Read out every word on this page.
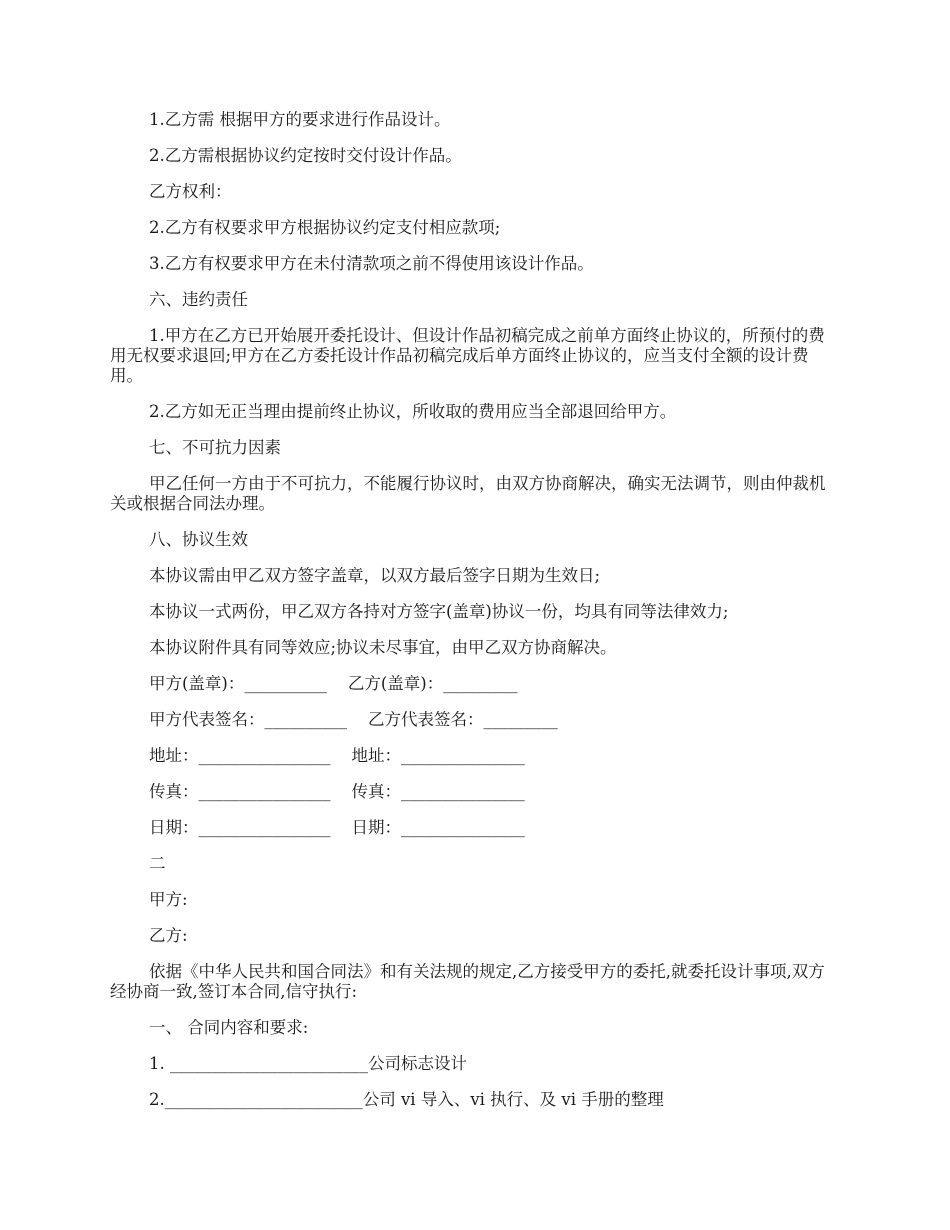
1.乙方需 根据甲方的要求进行作品设计。

2.乙方需根据协议约定按时交付设计作品。

乙方权利：

2.乙方有权要求甲方根据协议约定支付相应款项;

3.乙方有权要求甲方在未付清款项之前不得使用该设计作品。

六、违约责任

1.甲方在乙方已开始展开委托设计、但设计作品初稿完成之前单方面终止协议的，所预付的费用无权要求退回;甲方在乙方委托设计作品初稿完成后单方面终止协议的，应当支付全额的设计费用。

2.乙方如无正当理由提前终止协议，所收取的费用应当全部退回给甲方。

七、不可抗力因素

甲乙任何一方由于不可抗力，不能履行协议时，由双方协商解决，确实无法调节，则由仲裁机关或根据合同法办理。

八、协议生效

本协议需由甲乙双方签字盖章，以双方最后签字日期为生效日;

本协议一式两份，甲乙双方各持对方签字(盖章)协议一份，均具有同等法律效力;

本协议附件具有同等效应;协议未尽事宜，由甲乙双方协商解决。

甲方(盖章)：__________    乙方(盖章)：_________

甲方代表签名：__________    乙方代表签名：_________

地址：________________    地址：_______________

传真：________________    传真：_______________

日期：________________    日期：_______________

二

甲方:

乙方:

依据《中华人民共和国合同法》和有关法规的规定,乙方接受甲方的委托,就委托设计事项,双方经协商一致,签订本合同,信守执行:

一、 合同内容和要求:

1. ________________________公司标志设计

2.________________________公司 vi 导入、vi 执行、及 vi 手册的整理
